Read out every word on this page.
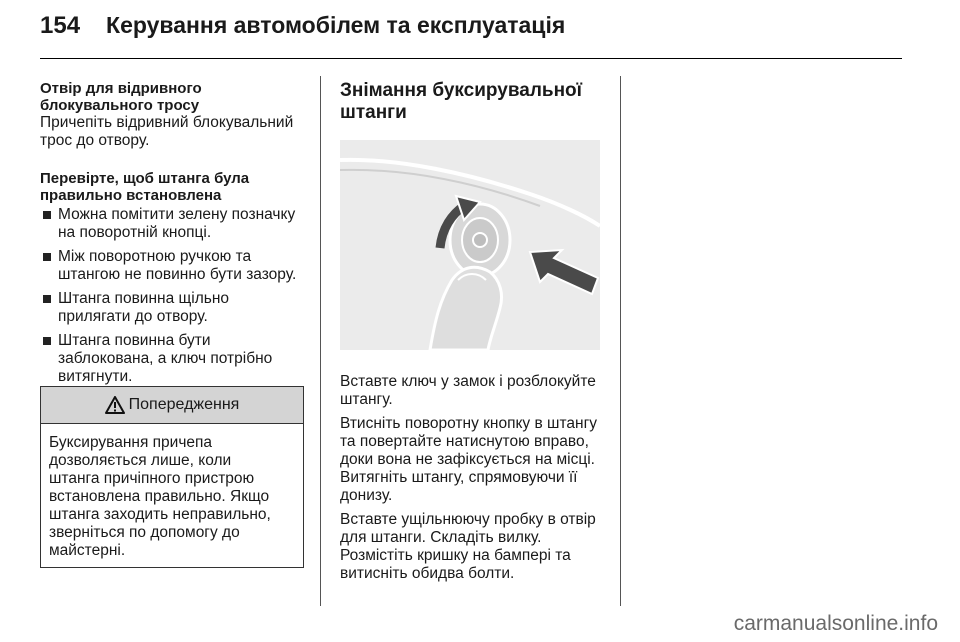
154 Керування автомобілем та експлуатація
Отвір для відривного
блокувального тросу

Причепіть відривний блокувальний трос до отвору.

Перевірте, щоб штанга була
правильно встановлена
Можна помітити зелену позначку
на поворотній кнопці.
Між поворотною ручкою та
штангою не повинно бути зазору.
Штанга повинна щільно
прилягати до отвору.
Штанга повинна бути
заблокована, а ключ потрібно
витягнути.
Попередження
Буксирування причепа
дозволяється лише, коли
штанга причіпного пристрою
встановлена правильно. Якщо
штанга заходить неправильно,
зверніться по допомогу до
майстерні.
Знімання буксирувальної
штанги

Вставте ключ у замок і розблокуйте
штангу.

Втисніть поворотну кнопку в штангу
та повертайте натиснутою вправо,
доки вона не зафіксується на місці.
Витягніть штангу, спрямовуючи її
донизу.

Вставте ущільнюючу пробку в отвір
для штанги. Складіть вилку.
Розмістіть кришку на бампері та
витисніть обидва болти.

carmanualsonline.info
